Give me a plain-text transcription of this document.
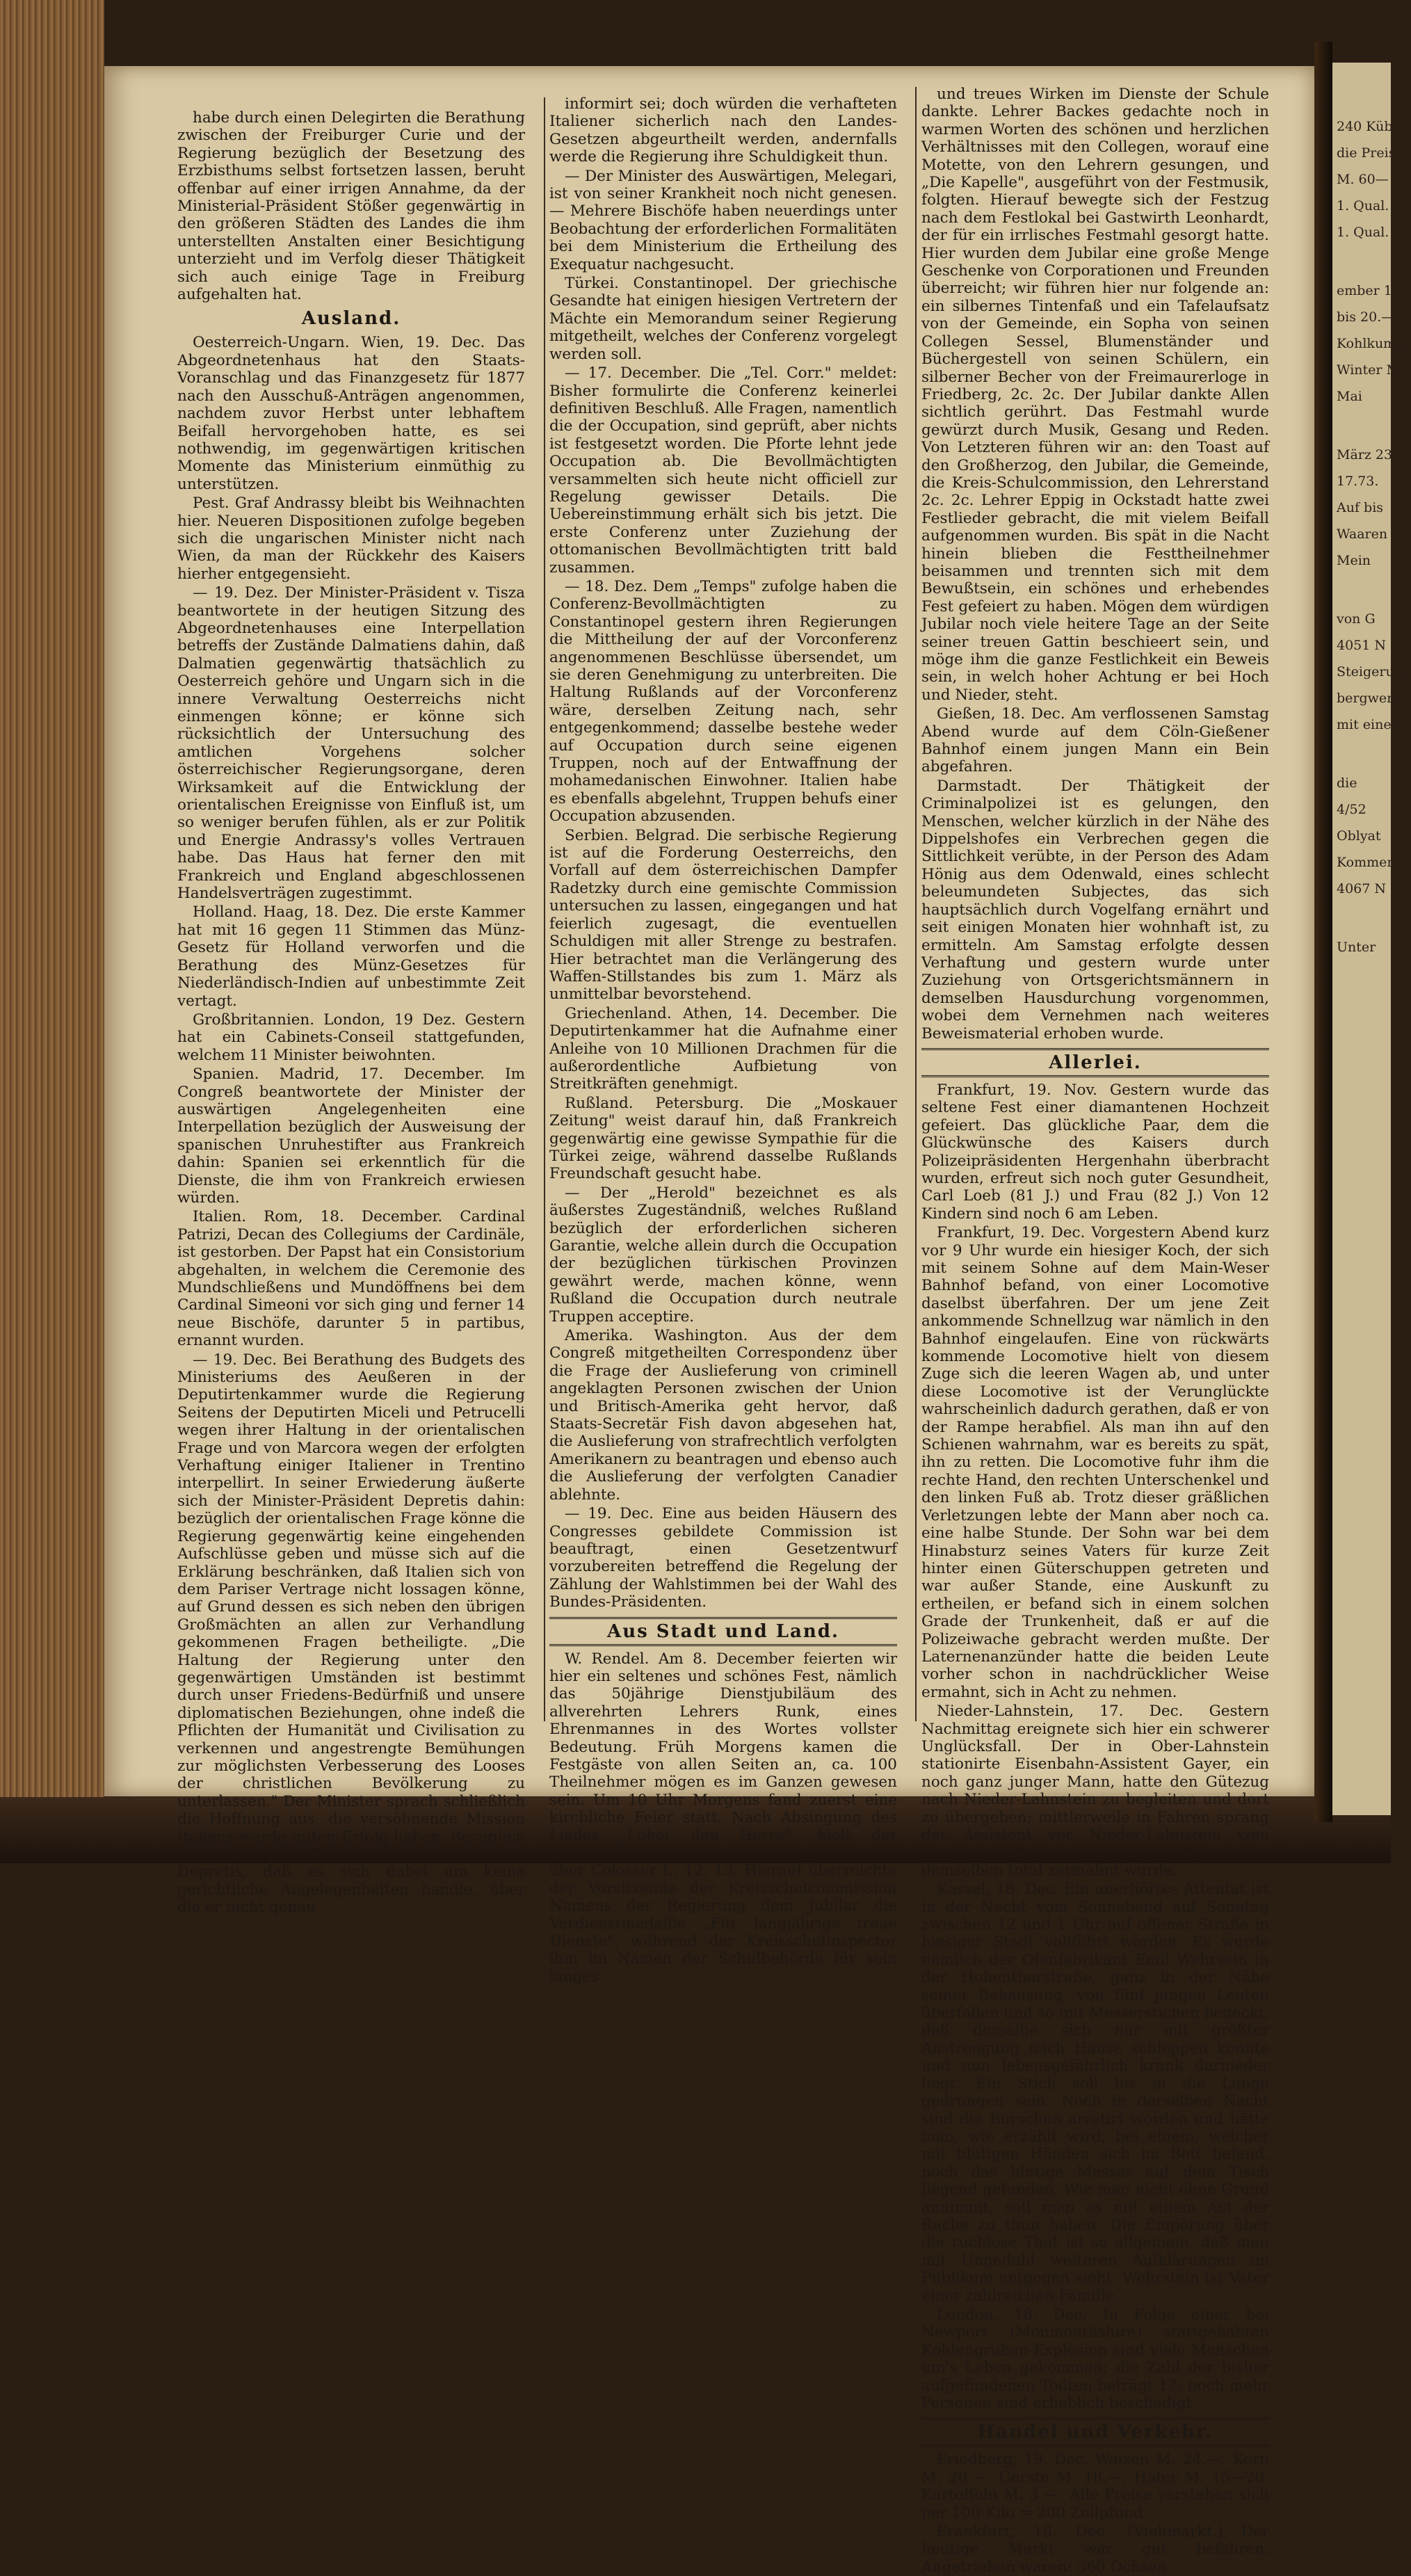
240 Küb
die Preis
M. 60—
1. Qual.
1. Qual.
ember 1
bis 20.—
Kohlkumm
Winter M.
Mai
März 23.
17.73.
Auf bis
Waaren
Mein
von G
4051 N
Steigerung
bergwert
mit einem
die
4/52
Oblyat
Kommen
4067 N
Unter

habe durch einen Delegirten die Berathung zwischen der Freiburger Curie und der Regierung bezüglich der Besetzung des Erzbisthums selbst fortsetzen lassen, beruht offenbar auf einer irrigen Annahme, da der Ministerial-Präsident Stößer gegenwärtig in den größeren Städten des Landes die ihm unterstellten Anstalten einer Besichtigung unterzieht und im Verfolg dieser Thätigkeit sich auch einige Tage in Freiburg aufgehalten hat.

Ausland.

Oesterreich-Ungarn. Wien, 19. Dec. Das Abgeordnetenhaus hat den Staats-Voranschlag und das Finanzgesetz für 1877 nach den Ausschuß-Anträgen angenommen, nachdem zuvor Herbst unter lebhaftem Beifall hervorgehoben hatte, es sei nothwendig, im gegenwärtigen kritischen Momente das Ministerium einmüthig zu unterstützen.

Pest. Graf Andrassy bleibt bis Weihnachten hier. Neueren Dispositionen zufolge begeben sich die ungarischen Minister nicht nach Wien, da man der Rückkehr des Kaisers hierher entgegensieht.

— 19. Dez. Der Minister-Präsident v. Tisza beantwortete in der heutigen Sitzung des Abgeordnetenhauses eine Interpellation betreffs der Zustände Dalmatiens dahin, daß Dalmatien gegenwärtig thatsächlich zu Oesterreich gehöre und Ungarn sich in die innere Verwaltung Oesterreichs nicht einmengen könne; er könne sich rücksichtlich der Untersuchung des amtlichen Vorgehens solcher österreichischer Regierungsorgane, deren Wirksamkeit auf die Entwicklung der orientalischen Ereignisse von Einfluß ist, um so weniger berufen fühlen, als er zur Politik und Energie Andrassy's volles Vertrauen habe. Das Haus hat ferner den mit Frankreich und England abgeschlossenen Handelsverträgen zugestimmt.

Holland. Haag, 18. Dez. Die erste Kammer hat mit 16 gegen 11 Stimmen das Münz-Gesetz für Holland verworfen und die Berathung des Münz-Gesetzes für Niederländisch-Indien auf unbestimmte Zeit vertagt.

Großbritannien. London, 19 Dez. Gestern hat ein Cabinets-Conseil stattgefunden, welchem 11 Minister beiwohnten.

Spanien. Madrid, 17. December. Im Congreß beantwortete der Minister der auswärtigen Angelegenheiten eine Interpellation bezüglich der Ausweisung der spanischen Unruhestifter aus Frankreich dahin: Spanien sei erkenntlich für die Dienste, die ihm von Frankreich erwiesen würden.

Italien. Rom, 18. December. Cardinal Patrizi, Decan des Collegiums der Cardinäle, ist gestorben. Der Papst hat ein Consistorium abgehalten, in welchem die Ceremonie des Mundschließens und Mundöffnens bei dem Cardinal Simeoni vor sich ging und ferner 14 neue Bischöfe, darunter 5 in partibus, ernannt wurden.

— 19. Dec. Bei Berathung des Budgets des Ministeriums des Aeußeren in der Deputirtenkammer wurde die Regierung Seitens der Deputirten Miceli und Petrucelli wegen ihrer Haltung in der orientalischen Frage und von Marcora wegen der erfolgten Verhaftung einiger Italiener in Trentino interpellirt. In seiner Erwiederung äußerte sich der Minister-Präsident Depretis dahin: bezüglich der orientalischen Frage könne die Regierung gegenwärtig keine eingehenden Aufschlüsse geben und müsse sich auf die Erklärung beschränken, daß Italien sich von dem Pariser Vertrage nicht lossagen könne, auf Grund dessen es sich neben den übrigen Großmächten an allen zur Verhandlung gekommenen Fragen betheiligte. „Die Haltung der Regierung unter den gegenwärtigen Umständen ist bestimmt durch unser Friedens-Bedürfniß und unsere diplomatischen Beziehungen, ohne indeß die Pflichten der Humanität und Civilisation zu verkennen und angestrengte Bemühungen zur möglichsten Verbesserung des Looses der christlichen Bevölkerung zu unterlassen." Der Minister sprach schließlich die Hoffnung aus, die versöhnende Mission Italiens werde guten Erfolg haben. Bezüglich der Interpellation Marcora's erklärte Depretis, daß es sich dabei um keine gerichtliche Angelegenheiten handle, über die er nicht genau

informirt sei; doch würden die verhafteten Italiener sicherlich nach den Landes-Gesetzen abgeurtheilt werden, andernfalls werde die Regierung ihre Schuldigkeit thun.

— Der Minister des Auswärtigen, Melegari, ist von seiner Krankheit noch nicht genesen. — Mehrere Bischöfe haben neuerdings unter Beobachtung der erforderlichen Formalitäten bei dem Ministerium die Ertheilung des Exequatur nachgesucht.

Türkei. Constantinopel. Der griechische Gesandte hat einigen hiesigen Vertretern der Mächte ein Memorandum seiner Regierung mitgetheilt, welches der Conferenz vorgelegt werden soll.

— 17. December. Die „Tel. Corr." meldet: Bisher formulirte die Conferenz keinerlei definitiven Beschluß. Alle Fragen, namentlich die der Occupation, sind geprüft, aber nichts ist festgesetzt worden. Die Pforte lehnt jede Occupation ab. Die Bevollmächtigten versammelten sich heute nicht officiell zur Regelung gewisser Details. Die Uebereinstimmung erhält sich bis jetzt. Die erste Conferenz unter Zuziehung der ottomanischen Bevollmächtigten tritt bald zusammen.

— 18. Dez. Dem „Temps" zufolge haben die Conferenz-Bevollmächtigten zu Constantinopel gestern ihren Regierungen die Mittheilung der auf der Vorconferenz angenommenen Beschlüsse übersendet, um sie deren Genehmigung zu unterbreiten. Die Haltung Rußlands auf der Vorconferenz wäre, derselben Zeitung nach, sehr entgegenkommend; dasselbe bestehe weder auf Occupation durch seine eigenen Truppen, noch auf der Entwaffnung der mohamedanischen Einwohner. Italien habe es ebenfalls abgelehnt, Truppen behufs einer Occupation abzusenden.

Serbien. Belgrad. Die serbische Regierung ist auf die Forderung Oesterreichs, den Vorfall auf dem österreichischen Dampfer Radetzky durch eine gemischte Commission untersuchen zu lassen, eingegangen und hat feierlich zugesagt, die eventuellen Schuldigen mit aller Strenge zu bestrafen. Hier betrachtet man die Verlängerung des Waffen-Stillstandes bis zum 1. März als unmittelbar bevorstehend.

Griechenland. Athen, 14. December. Die Deputirtenkammer hat die Aufnahme einer Anleihe von 10 Millionen Drachmen für die außerordentliche Aufbietung von Streitkräften genehmigt.

Rußland. Petersburg. Die „Moskauer Zeitung" weist darauf hin, daß Frankreich gegenwärtig eine gewisse Sympathie für die Türkei zeige, während dasselbe Rußlands Freundschaft gesucht habe.

— Der „Herold" bezeichnet es als äußerstes Zugeständniß, welches Rußland bezüglich der erforderlichen sicheren Garantie, welche allein durch die Occupation der bezüglichen türkischen Provinzen gewährt werde, machen könne, wenn Rußland die Occupation durch neutrale Truppen acceptire.

Amerika. Washington. Aus der dem Congreß mitgetheilten Correspondenz über die Frage der Auslieferung von criminell angeklagten Personen zwischen der Union und Britisch-Amerika geht hervor, daß Staats-Secretär Fish davon abgesehen hat, die Auslieferung von strafrechtlich verfolgten Amerikanern zu beantragen und ebenso auch die Auslieferung der verfolgten Canadier ablehnte.

— 19. Dec. Eine aus beiden Häusern des Congresses gebildete Commission ist beauftragt, einen Gesetzentwurf vorzubereiten betreffend die Regelung der Zählung der Wahlstimmen bei der Wahl des Bundes-Präsidenten.

Aus Stadt und Land.

W. Rendel. Am 8. December feierten wir hier ein seltenes und schönes Fest, nämlich das 50jährige Dienstjubiläum des allverehrten Lehrers Runk, eines Ehrenmannes in des Wortes vollster Bedeutung. Früh Morgens kamen die Festgäste von allen Seiten an, ca. 100 Theilnehmer mögen es im Ganzen gewesen sein. Um 10 Uhr Morgens fand zuerst eine kirchliche Feier statt. Nach Absingung des Liedes „Lobet den Herrn", hielt der Ortsgeistliche eine ergreifende Ansprache über Colosser I., 12. 13. Hierauf überreichte der Vorsitzende der Kreisschulcommission Namens der Regierung dem Jubilar die Verdienstmedaille „Für langjährige treue Dienste", während der Kreisschulinspector ihm im Namen der Schulbehörde für sein langes

und treues Wirken im Dienste der Schule dankte. Lehrer Backes gedachte noch in warmen Worten des schönen und herzlichen Verhältnisses mit den Collegen, worauf eine Motette, von den Lehrern gesungen, und „Die Kapelle", ausgeführt von der Festmusik, folgten. Hierauf bewegte sich der Festzug nach dem Festlokal bei Gastwirth Leonhardt, der für ein irrlisches Festmahl gesorgt hatte. Hier wurden dem Jubilar eine große Menge Geschenke von Corporationen und Freunden überreicht; wir führen hier nur folgende an: ein silbernes Tintenfaß und ein Tafelaufsatz von der Gemeinde, ein Sopha von seinen Collegen Sessel, Blumenständer und Büchergestell von seinen Schülern, ein silberner Becher von der Freimaurerloge in Friedberg, 2c. 2c. Der Jubilar dankte Allen sichtlich gerührt. Das Festmahl wurde gewürzt durch Musik, Gesang und Reden. Von Letzteren führen wir an: den Toast auf den Großherzog, den Jubilar, die Gemeinde, die Kreis-Schulcommission, den Lehrerstand 2c. 2c. Lehrer Eppig in Ockstadt hatte zwei Festlieder gebracht, die mit vielem Beifall aufgenommen wurden. Bis spät in die Nacht hinein blieben die Festtheilnehmer beisammen und trennten sich mit dem Bewußtsein, ein schönes und erhebendes Fest gefeiert zu haben. Mögen dem würdigen Jubilar noch viele heitere Tage an der Seite seiner treuen Gattin beschieert sein, und möge ihm die ganze Festlichkeit ein Beweis sein, in welch hoher Achtung er bei Hoch und Nieder, steht.

Gießen, 18. Dec. Am verflossenen Samstag Abend wurde auf dem Cöln-Gießener Bahnhof einem jungen Mann ein Bein abgefahren.

Darmstadt. Der Thätigkeit der Criminalpolizei ist es gelungen, den Menschen, welcher kürzlich in der Nähe des Dippelshofes ein Verbrechen gegen die Sittlichkeit verübte, in der Person des Adam Hönig aus dem Odenwald, eines schlecht beleumundeten Subjectes, das sich hauptsächlich durch Vogelfang ernährt und seit einigen Monaten hier wohnhaft ist, zu ermitteln. Am Samstag erfolgte dessen Verhaftung und gestern wurde unter Zuziehung von Ortsgerichtsmännern in demselben Hausdurchung vorgenommen, wobei dem Vernehmen nach weiteres Beweismaterial erhoben wurde.

Allerlei.

Frankfurt, 19. Nov. Gestern wurde das seltene Fest einer diamantenen Hochzeit gefeiert. Das glückliche Paar, dem die Glückwünsche des Kaisers durch Polizeipräsidenten Hergenhahn überbracht wurden, erfreut sich noch guter Gesundheit, Carl Loeb (81 J.) und Frau (82 J.) Von 12 Kindern sind noch 6 am Leben.

Frankfurt, 19. Dec. Vorgestern Abend kurz vor 9 Uhr wurde ein hiesiger Koch, der sich mit seinem Sohne auf dem Main-Weser Bahnhof befand, von einer Locomotive daselbst überfahren. Der um jene Zeit ankommende Schnellzug war nämlich in den Bahnhof eingelaufen. Eine von rückwärts kommende Locomotive hielt von diesem Zuge sich die leeren Wagen ab, und unter diese Locomotive ist der Verunglückte wahrscheinlich dadurch gerathen, daß er von der Rampe herabfiel. Als man ihn auf den Schienen wahrnahm, war es bereits zu spät, ihn zu retten. Die Locomotive fuhr ihm die rechte Hand, den rechten Unterschenkel und den linken Fuß ab. Trotz dieser gräßlichen Verletzungen lebte der Mann aber noch ca. eine halbe Stunde. Der Sohn war bei dem Hinabsturz seines Vaters für kurze Zeit hinter einen Güterschuppen getreten und war außer Stande, eine Auskunft zu ertheilen, er befand sich in einem solchen Grade der Trunkenheit, daß er auf die Polizeiwache gebracht werden mußte. Der Laternenanzünder hatte die beiden Leute vorher schon in nachdrücklicher Weise ermahnt, sich in Acht zu nehmen.

Nieder-Lahnstein, 17. Dec. Gestern Nachmittag ereignete sich hier ein schwerer Unglücksfall. Der in Ober-Lahnstein stationirte Eisenbahn-Assistent Gayer, ein noch ganz junger Mann, hatte den Gütezug nach Nieder-Lahnstein zu begleiten und dort zu übergeben; mittlerweile in Fahren sprang der Assistent vor Nieder-Lahnstein vom Zuge, fiel aber so unglücklich, daß er von demselben total zermalmt wurde.

Kassel, 18. Dec. Ein unerhörtes Attentat ist in der Nacht vom Sonnabend auf Sonntag zwischen 12 und 1 Uhr auf offener Straße in hiesiger Stadt vollführt worden. Es wurde nämlich der Ofenfabrikant Emil Wehrsein in der Hohenthorstraße, ganz in der Nähe seiner Behausung, von fünf jungen Leuten überfallen und so mit Messerstichen bedeckt, daß derselbe sich nur mit größter Anstrengung nach Hause schleppen konnte und nun lebensgefährlich krank darnieder liegt. Ein Stich soll bis in die Lunge gedrungen sein. Noch in derselben Nacht sind die Burschen arretirt worden und hätte man, wie erzählt wird, bei einem, welcher mit blutigen Händen sich im Bett befand, noch das blutige Messer auf dem Tisch liegend gefunden. Wie man nicht ohne Grund annimmt, soll man es mit einem Act der Rache zu thun haben. Die Empörung über die ruchlose That ist so allgemein, daß man mit Ungeduld weiteren Aufklärungen im Publikum entgegen sieht. Wehrstein ist Vater einer zahlreichen Familie.

London, 18. Dec. In Folge einer bei Newport (Monmouthshire) stattgehabten Kohlengruben-Explosion sind viele Menschen um's Leben gekommen; die Zahl der bisher aufgefundenen Todten beträgt 17; noch mehr Personen sind erheblich beschädigt.

Handel und Verkehr.

Friedberg, 19. Dec. Waizen M. 24.—. Korn M. 20.—. Gerste M. 18.—. Hafer M. 15—20. Kartoffeln M. 3.—. Alle Preise verstehen sich per 100 Kilo = 200 Zollpfund.

Frankfurt, 18. Dec. (Viehmarkt.) Der heutige Markt war gut befahren. Angetrieben waren: 360 Ochsen
